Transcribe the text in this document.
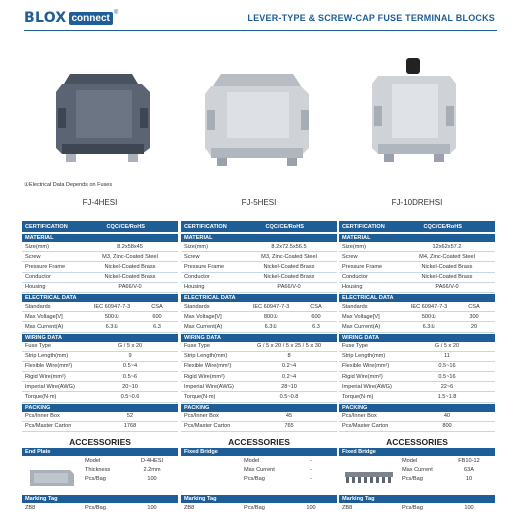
BLOX connect ®	LEVER-TYPE & SCREW-CAP FUSE TERMINAL BLOCKS
①Electrical Data Depends on Fuses
FJ-4HESI	FJ-5HESI	FJ-10DREHSI
CERTIFICATION	CQC/CE/RoHS
MATERIAL
Size(mm)	8.2x58x45
Screw	M3, Zinc-Coated Steel
Pressure Frame	Nickel-Coated Brass
Conductor	Nickel-Coated Brass
Housing	PA66/V-0
ELECTRICAL DATA
Standards	IEC 60947-7-3	CSA
Max Voltage[V]	500①	600
Max Current(A)	6.3①	6.3
WIRING DATA
Fuse Type	G / 5 x 20
Strip Length(mm)	9
Flexible Wire(mm²)	0.5~4
Rigid Wire(mm²)	0.5~6
Imperial Wire(AWG)	20~10
Torque(N·m)	0.5~0.6
PACKING
Pcs/Inner Box	52
Pcs/Master Carton	1768
CERTIFICATION	CQC/CE/RoHS
MATERIAL
Size(mm)	8.2x72.5x56.5
Screw	M3, Zinc-Coated Steel
Pressure Frame	Nickel-Coated Brass
Conductor	Nickel-Coated Brass
Housing	PA66/V-0
ELECTRICAL DATA
Standards	IEC 60947-7-3	CSA
Max Voltage[V]	800①	600
Max Current(A)	6.3①	6.3
WIRING DATA
Fuse Type	G / 5 x 20 / 5 x 25 / 5 x 30
Strip Length(mm)	8
Flexible Wire(mm²)	0.2~4
Rigid Wire(mm²)	0.2~4
Imperial Wire(AWG)	28~10
Torque(N·m)	0.5~0.8
PACKING
Pcs/Inner Box	45
Pcs/Master Carton	765
CERTIFICATION	CQC/CE/RoHS
MATERIAL
Size(mm)	12x62x57.2
Screw	M4, Zinc-Coated Steel
Pressure Frame	Nickel-Coated Brass
Conductor	Nickel-Coated Brass
Housing	PA66/V-0
ELECTRICAL DATA
Standards	IEC 60947-7-3	CSA
Max Voltage[V]	500①	300
Max Current(A)	6.3①	20
WIRING DATA
Fuse Type	G / 5 x 20
Strip Length(mm)	11
Flexible Wire(mm²)	0.5~16
Rigid Wire(mm²)	0.5~16
Imperial Wire(AWG)	22~6
Torque(N·m)	1.5~1.8
PACKING
Pcs/Inner Box	40
Pcs/Master Carton	800
ACCESSORIES	ACCESSORIES	ACCESSORIES
End Plate
Model	D-4HESI
Thickness	2.2mm
Pcs/Bag	100
Marking Tag
ZB8	Pcs/Bag	100
Fixed Bridge
Model	-
Max Current	-
Pcs/Bag	-
Marking Tag
ZB8	Pcs/Bag	100
Fixed Bridge
Model	FB10-12
Max Current	63A
Pcs/Bag	10
Marking Tag
ZB8	Pcs/Bag	100
